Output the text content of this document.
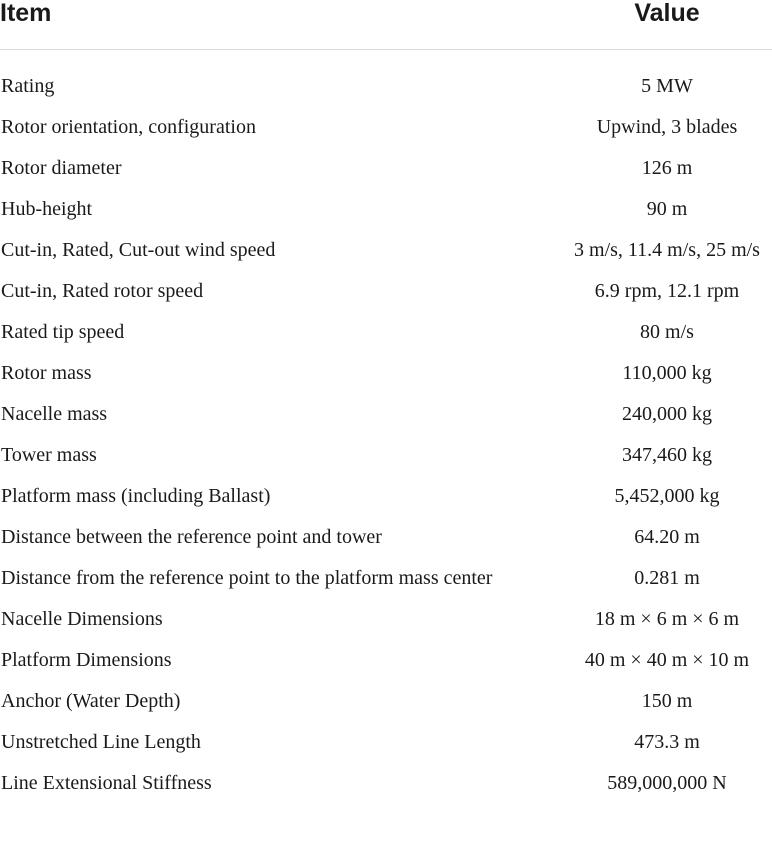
Item	Value
Rating	5 MW
Rotor orientation, configuration	Upwind, 3 blades
Rotor diameter	126 m
Hub-height	90 m
Cut-in, Rated, Cut-out wind speed	3 m/s, 11.4 m/s, 25 m/s
Cut-in, Rated rotor speed	6.9 rpm, 12.1 rpm
Rated tip speed	80 m/s
Rotor mass	110,000 kg
Nacelle mass	240,000 kg
Tower mass	347,460 kg
Platform mass (including Ballast)	5,452,000 kg
Distance between the reference point and tower	64.20 m
Distance from the reference point to the platform mass center	0.281 m
Nacelle Dimensions	18 m × 6 m × 6 m
Platform Dimensions	40 m × 40 m × 10 m
Anchor (Water Depth)	150 m
Unstretched Line Length	473.3 m
Line Extensional Stiffness	589,000,000 N
